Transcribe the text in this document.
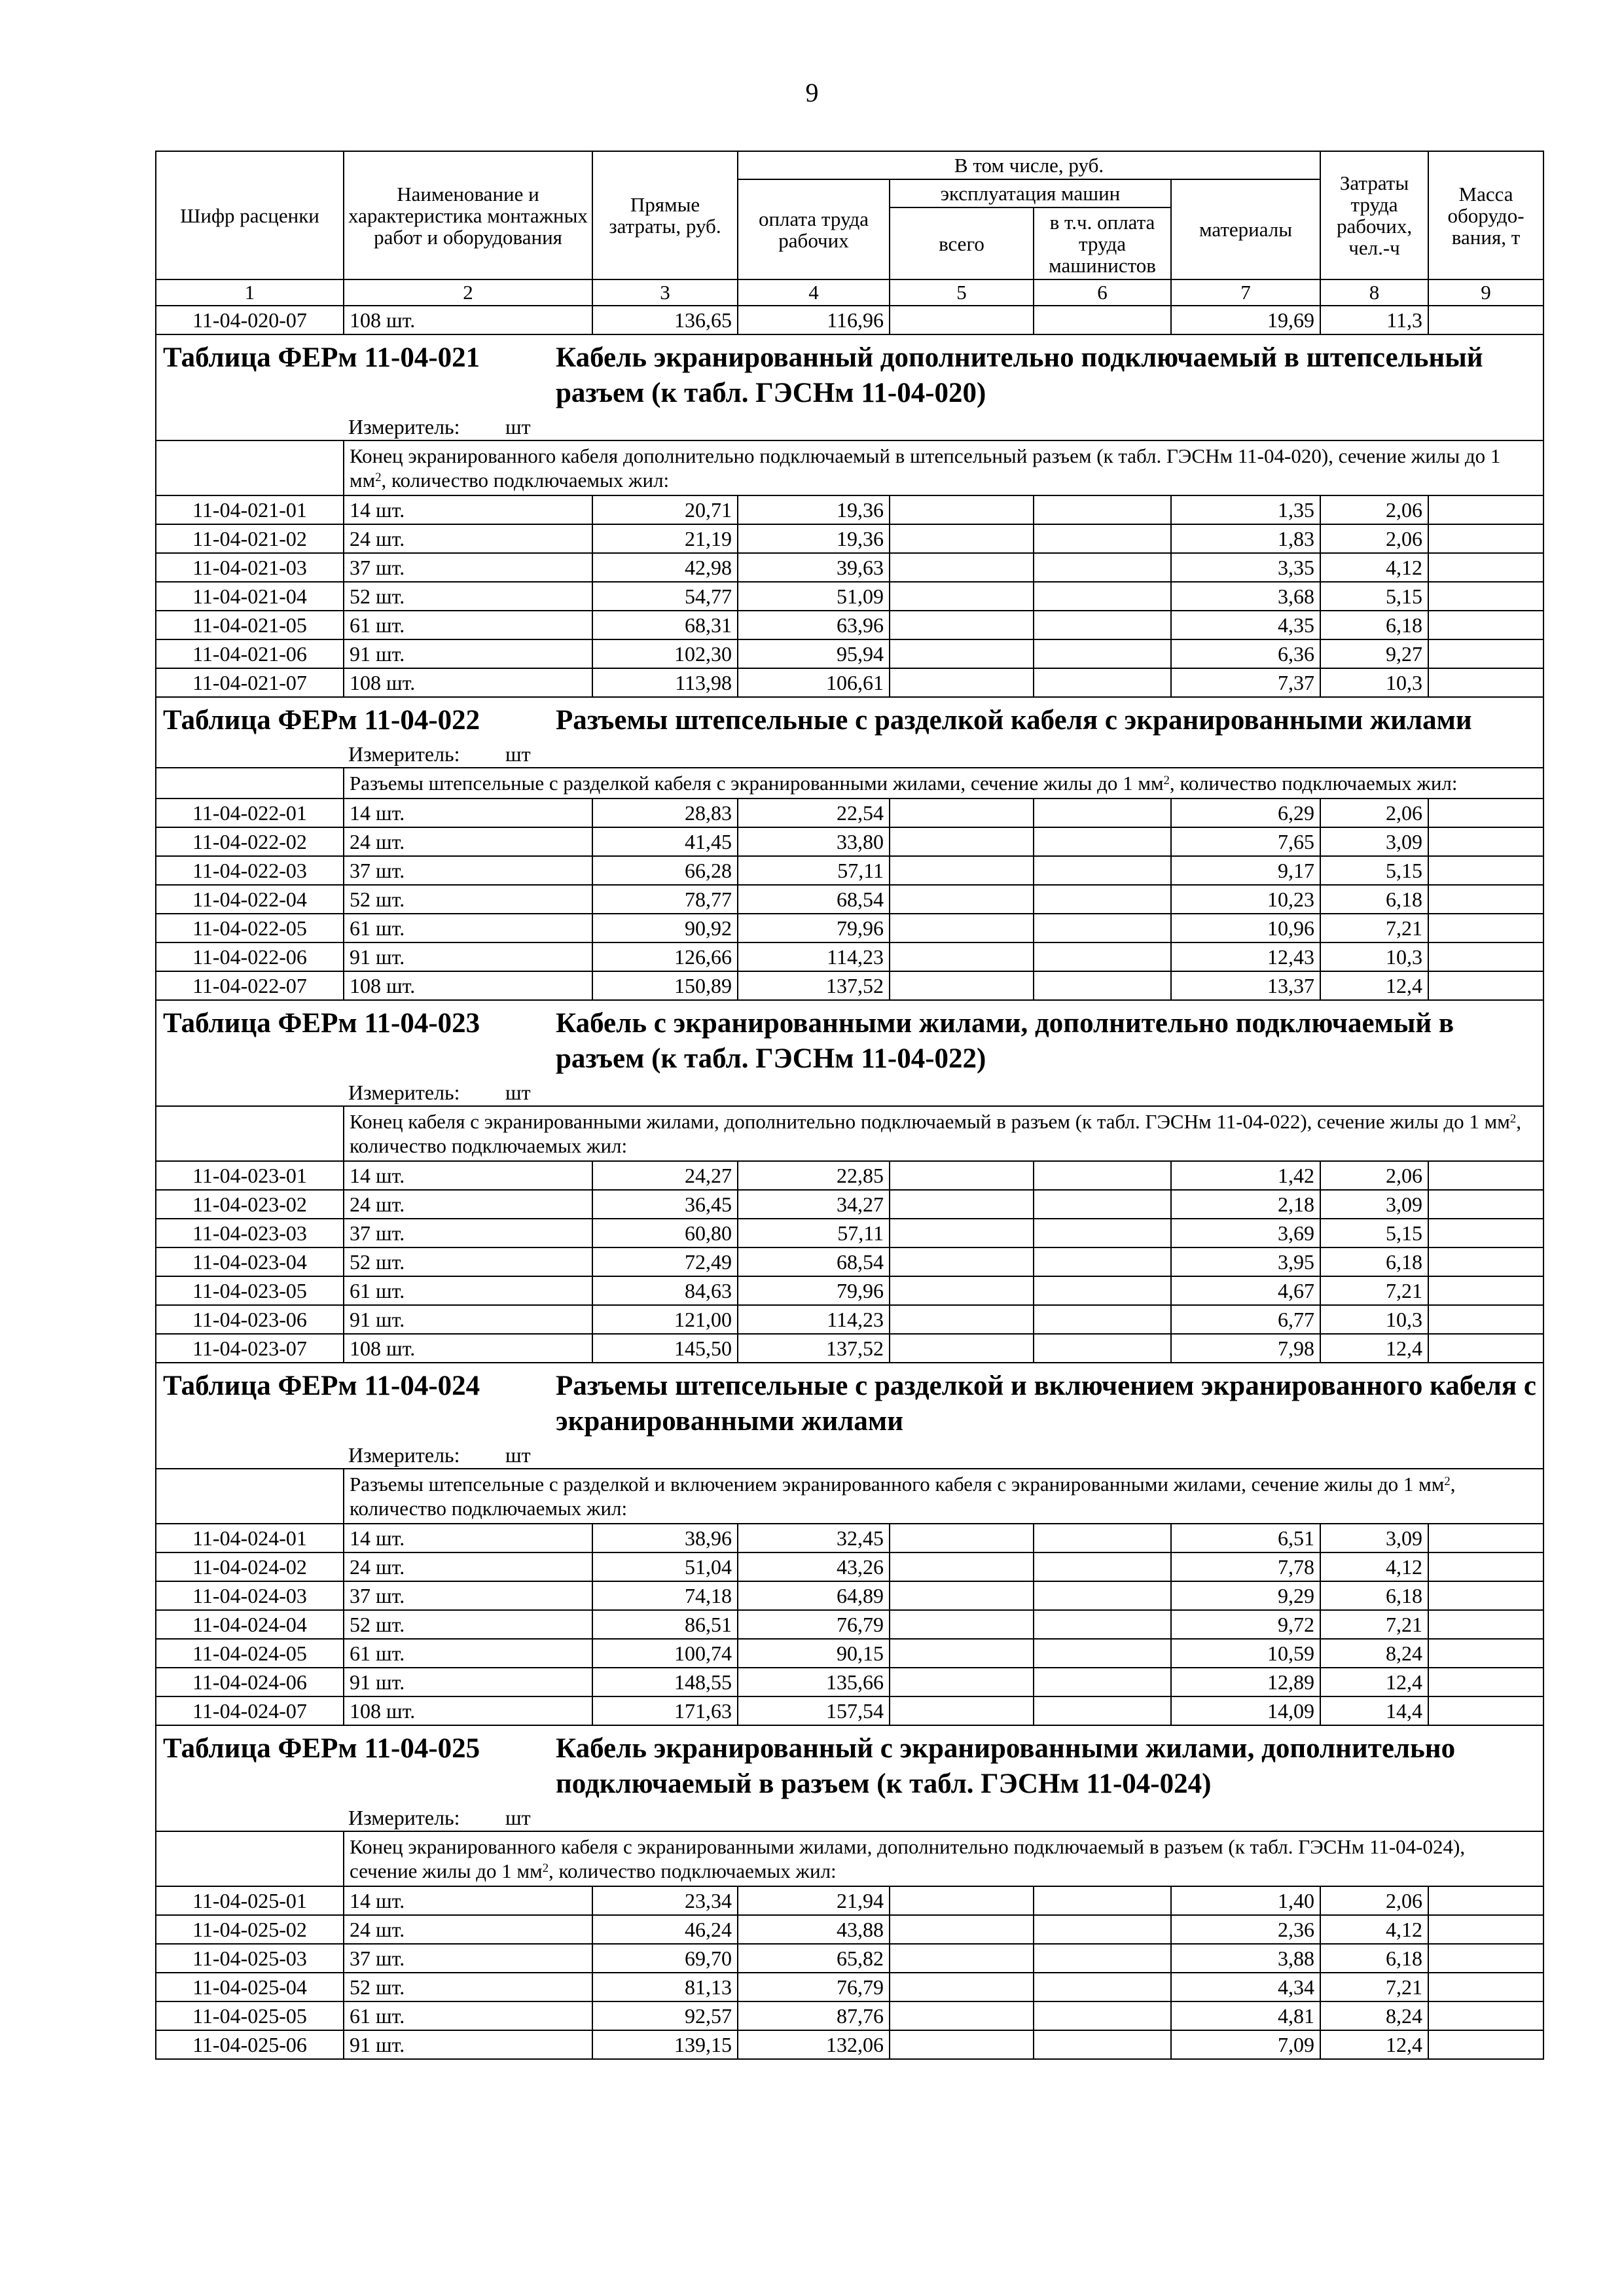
9
Шифр расценки	Наименование и характеристика монтажных работ и оборудования	Прямые затраты, руб.	В том числе, руб.				Затраты труда рабочих, чел.-ч	Масса оборудо-вания, т
			оплата труда рабочих	эксплуатация машин		материалы		
				всего	в т.ч. оплата труда машинистов			
1	2	3	4	5	6	7	8	9
11-04-020-07	108 шт.	136,65	116,96			19,69	11,3	

Таблица ФЕРм 11-04-021 Кабель экранированный дополнительно подключаемый в штепсельный разъем (к табл. ГЭСНм 11-04-020)								

Измеритель: шт								

	Конец экранированного кабеля дополнительно подключаемый в штепсельный разъем (к табл. ГЭСНм 11-04-020), сечение жилы до 1 $мм^2$, количество подключаемых жил:							
11-04-021-01	14 шт.	20,71	19,36			1,35	2,06	
11-04-021-02	24 шт.	21,19	19,36			1,83	2,06	
11-04-021-03	37 шт.	42,98	39,63			3,35	4,12	
11-04-021-04	52 шт.	54,77	51,09			3,68	5,15	
11-04-021-05	61 шт.	68,31	63,96			4,35	6,18	
11-04-021-06	91 шт.	102,30	95,94			6,36	9,27	
11-04-021-07	108 шт.	113,98	106,61			7,37	10,3	

Таблица ФЕРм 11-04-022 Разъемы штепсельные с разделкой кабеля с экранированными жилами								

Измеритель: шт								

	Разъемы штепсельные с разделкой кабеля с экранированными жилами, сечение жилы до 1 $мм^2$, количество подключаемых жил:							
11-04-022-01	14 шт.	28,83	22,54			6,29	2,06	
11-04-022-02	24 шт.	41,45	33,80			7,65	3,09	
11-04-022-03	37 шт.	66,28	57,11			9,17	5,15	
11-04-022-04	52 шт.	78,77	68,54			10,23	6,18	
11-04-022-05	61 шт.	90,92	79,96			10,96	7,21	
11-04-022-06	91 шт.	126,66	114,23			12,43	10,3	
11-04-022-07	108 шт.	150,89	137,52			13,37	12,4	

Таблица ФЕРм 11-04-023 Кабель с экранированными жилами, дополнительно подключаемый в разъем (к табл. ГЭСНм 11-04-022)								

Измеритель: шт								

	Конец кабеля с экранированными жилами, дополнительно подключаемый в разъем (к табл. ГЭСНм 11-04-022), сечение жилы до 1 $мм^2$, количество подключаемых жил:							
11-04-023-01	14 шт.	24,27	22,85			1,42	2,06	
11-04-023-02	24 шт.	36,45	34,27			2,18	3,09	
11-04-023-03	37 шт.	60,80	57,11			3,69	5,15	
11-04-023-04	52 шт.	72,49	68,54			3,95	6,18	
11-04-023-05	61 шт.	84,63	79,96			4,67	7,21	
11-04-023-06	91 шт.	121,00	114,23			6,77	10,3	
11-04-023-07	108 шт.	145,50	137,52			7,98	12,4	

Таблица ФЕРм 11-04-024 Разъемы штепсельные с разделкой и включением экранированного кабеля с экранированными жилами								

Измеритель: шт								

	Разъемы штепсельные с разделкой и включением экранированного кабеля с экранированными жилами, сечение жилы до 1 $мм^2$, количество подключаемых жил:							
11-04-024-01	14 шт.	38,96	32,45			6,51	3,09	
11-04-024-02	24 шт.	51,04	43,26			7,78	4,12	
11-04-024-03	37 шт.	74,18	64,89			9,29	6,18	
11-04-024-04	52 шт.	86,51	76,79			9,72	7,21	
11-04-024-05	61 шт.	100,74	90,15			10,59	8,24	
11-04-024-06	91 шт.	148,55	135,66			12,89	12,4	
11-04-024-07	108 шт.	171,63	157,54			14,09	14,4	

Таблица ФЕРм 11-04-025 Кабель экранированный с экранированными жилами, дополнительно подключаемый в разъем (к табл. ГЭСНм 11-04-024)								

Измеритель: шт								

	Конец экранированного кабеля с экранированными жилами, дополнительно подключаемый в разъем (к табл. ГЭСНм 11-04-024), сечение жилы до 1 $мм^2$, количество подключаемых жил:							
11-04-025-01	14 шт.	23,34	21,94			1,40	2,06	
11-04-025-02	24 шт.	46,24	43,88			2,36	4,12	
11-04-025-03	37 шт.	69,70	65,82			3,88	6,18	
11-04-025-04	52 шт.	81,13	76,79			4,34	7,21	
11-04-025-05	61 шт.	92,57	87,76			4,81	8,24	
11-04-025-06	91 шт.	139,15	132,06			7,09	12,4	
